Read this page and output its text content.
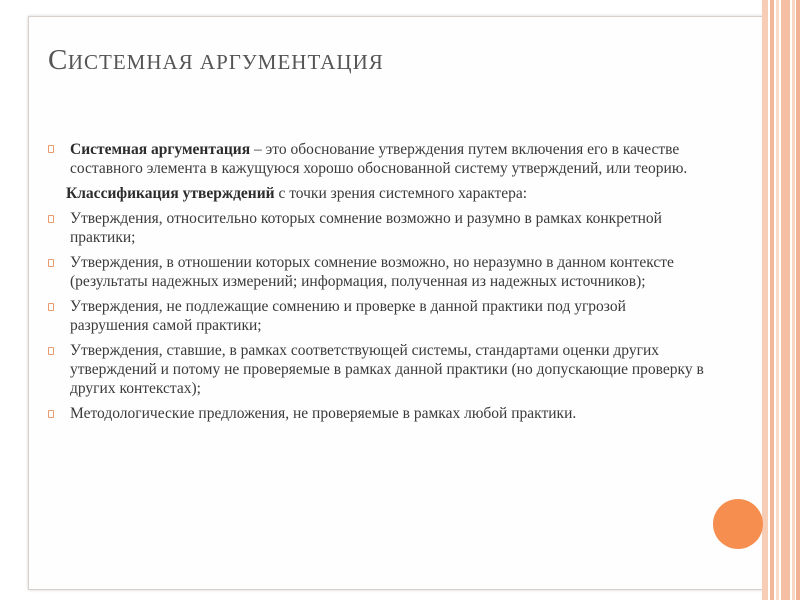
СИСТЕМНАЯ АРГУМЕНТАЦИЯ
Системная аргументация – это обоснование утверждения путем включения его в качестве составного элемента в кажущуюся хорошо обоснованной систему утверждений, или теорию.
Классификация утверждений с точки зрения системного характера:
Утверждения, относительно которых сомнение возможно и разумно в рамках конкретной практики;
Утверждения, в отношении которых сомнение возможно, но неразумно в данном контексте (результаты надежных измерений; информация, полученная из надежных источников);
Утверждения, не подлежащие сомнению и проверке в данной практики под угрозой разрушения самой практики;
Утверждения, ставшие, в рамках соответствующей системы, стандартами оценки других утверждений и потому не проверяемые в рамках данной практики (но допускающие проверку в других контекстах);
Методологические предложения, не проверяемые в рамках любой практики.
